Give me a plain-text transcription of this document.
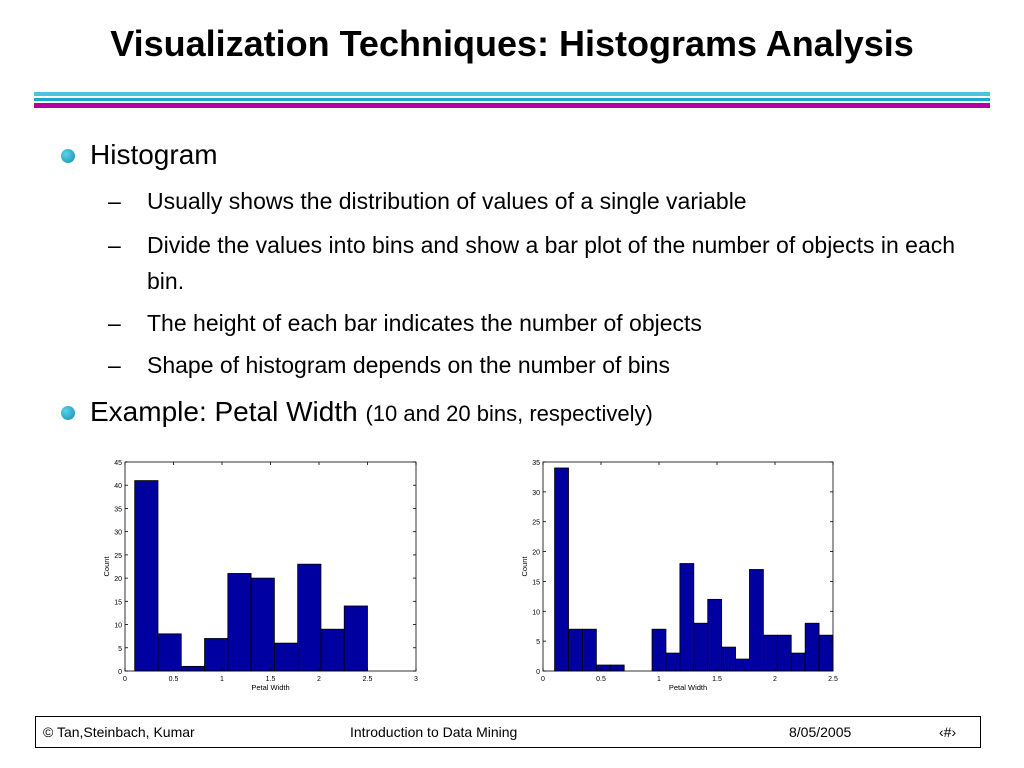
Visualization Techniques: Histograms Analysis
Histogram
– Usually shows the distribution of values of a single variable
– Divide the values into bins and show a bar plot of the number of objects in each bin.
– The height of each bar indicates the number of objects
– Shape of histogram depends on the number of bins
Example: Petal Width (10 and 20 bins, respectively)
0
5
10
15
20
25
30
35
40
45
0	0.5	1	1.5	2	2.5	3
Petal Width
Count
0
5
10
15
20
25
30
35
0	0.5	1	1.5	2	2.5
Petal Width
Count
© Tan,Steinbach, Kumar	Introduction to Data Mining	8/05/2005	‹#›
